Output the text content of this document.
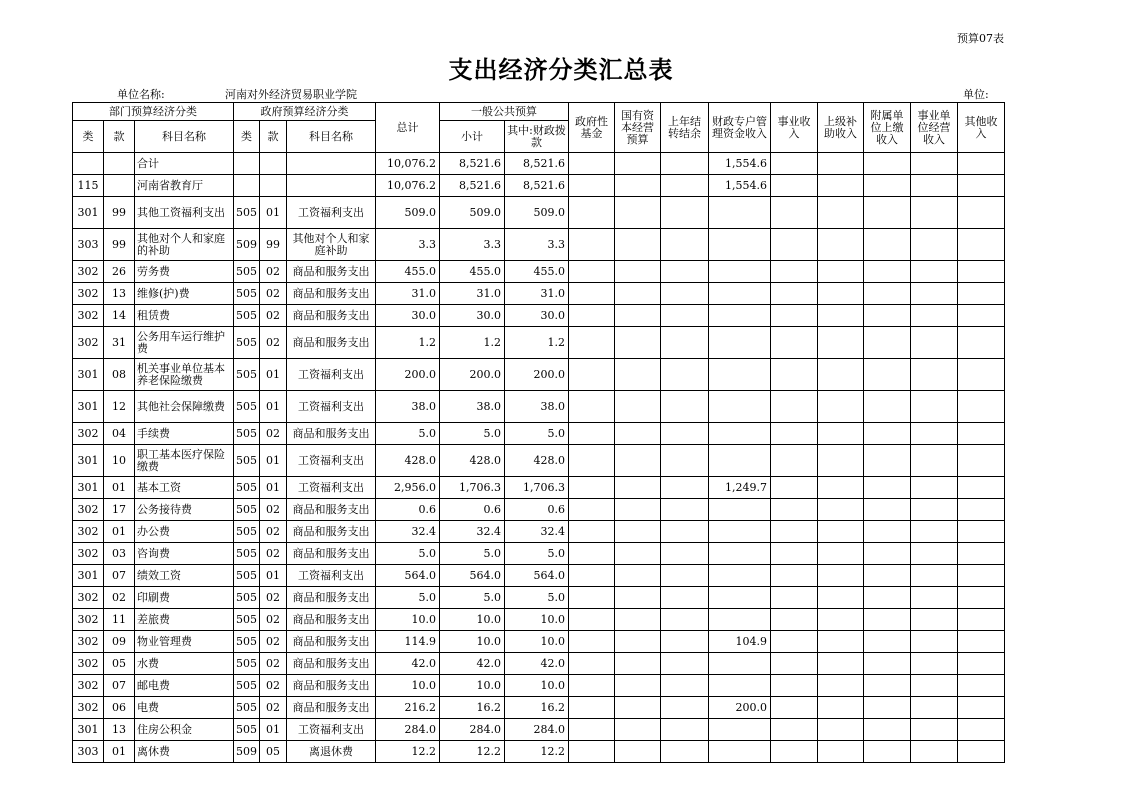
预算07表
支出经济分类汇总表
单位名称:	河南对外经济贸易职业学院	单位:
部门预算经济分类			政府预算经济分类			总计	一般公共预算		政府性基金	国有资本经营预算	上年结转结余	财政专户管理资金收入	事业收入	上级补助收入	附属单位上缴收入	事业单位经营收入	其他收入
类	款	科目名称	类	款	科目名称		小计	其中:财政拨款									
		合计				10,076.2	8,521.6	8,521.6				1,554.6					
115		河南省教育厅				10,076.2	8,521.6	8,521.6				1,554.6					
301	99	其他工资福利支出	505	01	工资福利支出	509.0	509.0	509.0									
303	99	其他对个人和家庭的补助	509	99	其他对个人和家庭补助	3.3	3.3	3.3									
302	26	劳务费	505	02	商品和服务支出	455.0	455.0	455.0									
302	13	维修(护)费	505	02	商品和服务支出	31.0	31.0	31.0									
302	14	租赁费	505	02	商品和服务支出	30.0	30.0	30.0									
302	31	公务用车运行维护费	505	02	商品和服务支出	1.2	1.2	1.2									
301	08	机关事业单位基本养老保险缴费	505	01	工资福利支出	200.0	200.0	200.0									
301	12	其他社会保障缴费	505	01	工资福利支出	38.0	38.0	38.0									
302	04	手续费	505	02	商品和服务支出	5.0	5.0	5.0									
301	10	职工基本医疗保险缴费	505	01	工资福利支出	428.0	428.0	428.0									
301	01	基本工资	505	01	工资福利支出	2,956.0	1,706.3	1,706.3				1,249.7					
302	17	公务接待费	505	02	商品和服务支出	0.6	0.6	0.6									
302	01	办公费	505	02	商品和服务支出	32.4	32.4	32.4									
302	03	咨询费	505	02	商品和服务支出	5.0	5.0	5.0									
301	07	绩效工资	505	01	工资福利支出	564.0	564.0	564.0									
302	02	印刷费	505	02	商品和服务支出	5.0	5.0	5.0									
302	11	差旅费	505	02	商品和服务支出	10.0	10.0	10.0									
302	09	物业管理费	505	02	商品和服务支出	114.9	10.0	10.0				104.9					
302	05	水费	505	02	商品和服务支出	42.0	42.0	42.0									
302	07	邮电费	505	02	商品和服务支出	10.0	10.0	10.0									
302	06	电费	505	02	商品和服务支出	216.2	16.2	16.2				200.0					
301	13	住房公积金	505	01	工资福利支出	284.0	284.0	284.0									
303	01	离休费	509	05	离退休费	12.2	12.2	12.2									
